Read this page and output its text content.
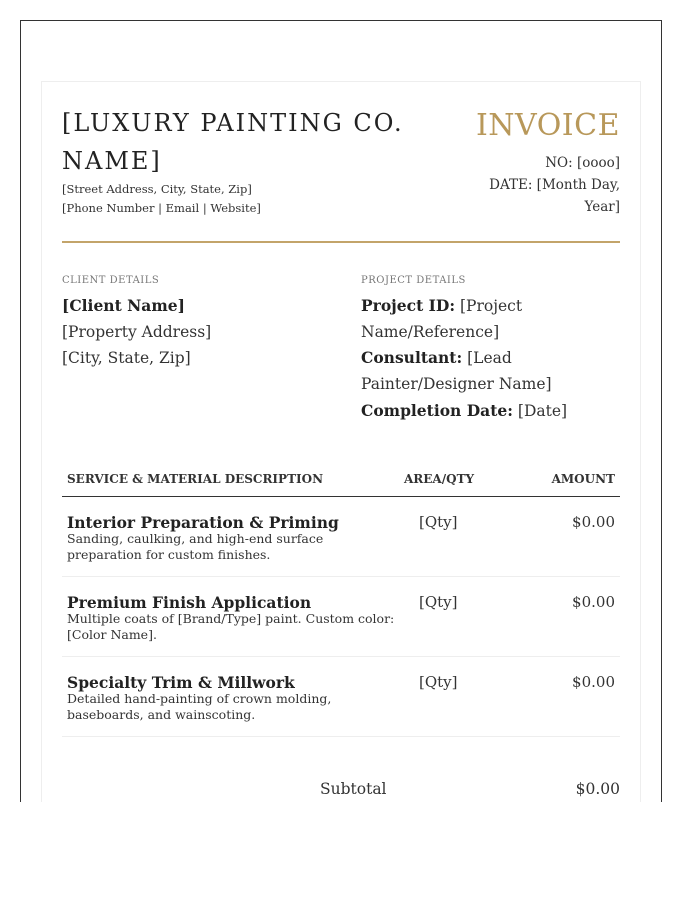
[LUXURY PAINTING CO. NAME]
[Street Address, City, State, Zip]
[Phone Number | Email | Website]
INVOICE
NO: [oooo]
DATE: [Month Day, Year]
CLIENT DETAILS	PROJECT DETAILS
[Client Name]
[Property Address]
[City, State, Zip]
Project ID: [Project Name/Reference]
Consultant: [Lead Painter/Designer Name]
Completion Date: [Date]
SERVICE & MATERIAL DESCRIPTION	AREA/QTY	AMOUNT
Interior Preparation & Priming
Sanding, caulking, and high-end surface preparation for custom finishes.
[Qty]	$0.00
Premium Finish Application
Multiple coats of [Brand/Type] paint. Custom color: [Color Name].
[Qty]	$0.00
Specialty Trim & Millwork
Detailed hand-painting of crown molding, baseboards, and wainscoting.
[Qty]	$0.00
Subtotal	$0.00
